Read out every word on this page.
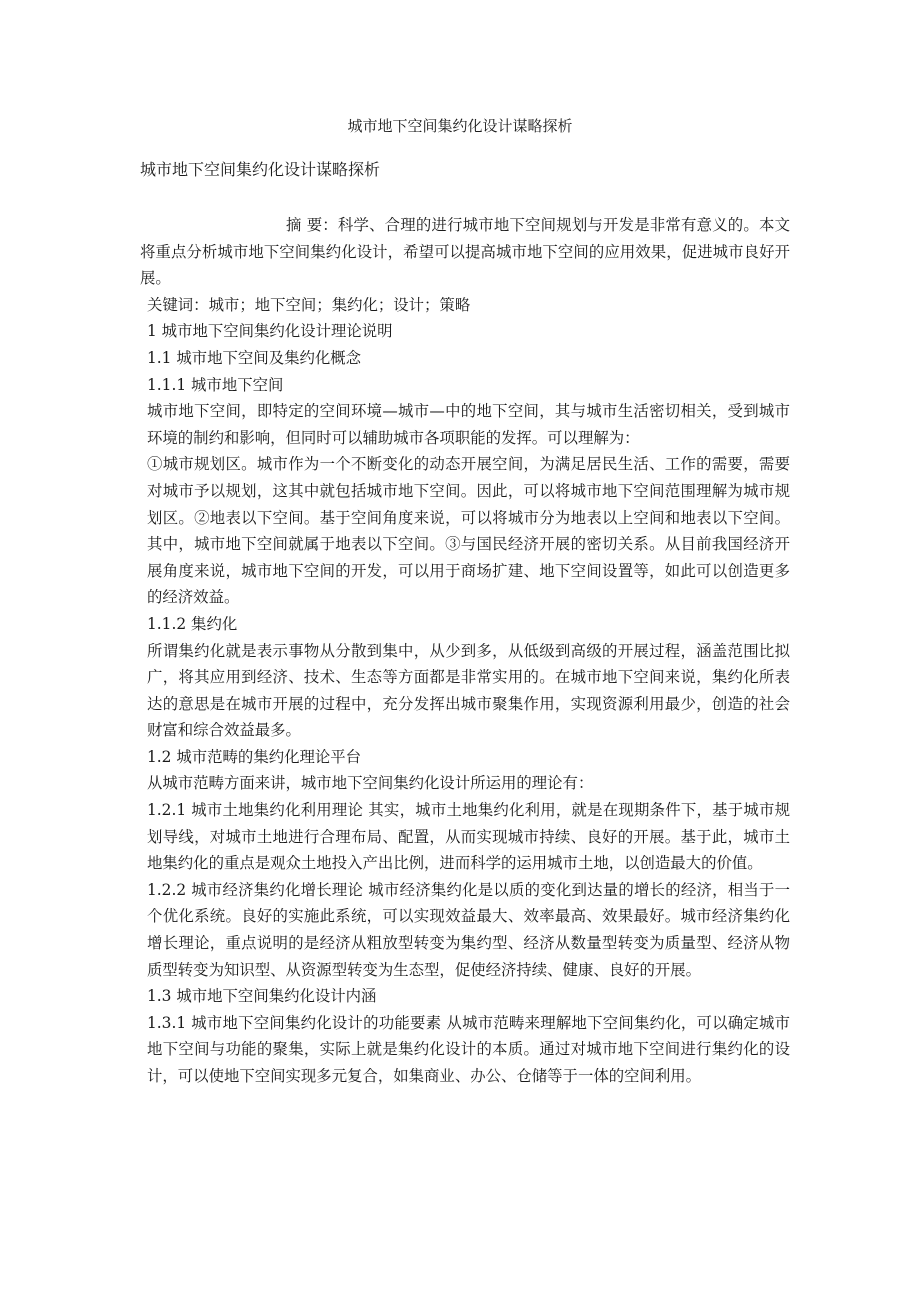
城市地下空间集约化设计谋略探析
城市地下空间集约化设计谋略探析

摘 要：科学、合理的进行城市地下空间规划与开发是非常有意义的。本文将重点分析城市地下空间集约化设计，希望可以提高城市地下空间的应用效果，促进城市良好开展。

关键词：城市；地下空间；集约化；设计；策略

1 城市地下空间集约化设计理论说明

1.1 城市地下空间及集约化概念

1.1.1 城市地下空间

城市地下空间，即特定的空间环境—城市—中的地下空间，其与城市生活密切相关，受到城市环境的制约和影响，但同时可以辅助城市各项职能的发挥。可以理解为：

①城市规划区。城市作为一个不断变化的动态开展空间，为满足居民生活、工作的需要，需要对城市予以规划，这其中就包括城市地下空间。因此，可以将城市地下空间范围理解为城市规划区。②地表以下空间。基于空间角度来说，可以将城市分为地表以上空间和地表以下空间。其中，城市地下空间就属于地表以下空间。③与国民经济开展的密切关系。从目前我国经济开展角度来说，城市地下空间的开发，可以用于商场扩建、地下空间设置等，如此可以创造更多的经济效益。

1.1.2 集约化

所谓集约化就是表示事物从分散到集中，从少到多，从低级到高级的开展过程，涵盖范围比拟广，将其应用到经济、技术、生态等方面都是非常实用的。在城市地下空间来说，集约化所表达的意思是在城市开展的过程中，充分发挥出城市聚集作用，实现资源利用最少，创造的社会财富和综合效益最多。

1.2 城市范畴的集约化理论平台

从城市范畴方面来讲，城市地下空间集约化设计所运用的理论有：

1.2.1 城市土地集约化利用理论 其实，城市土地集约化利用，就是在现期条件下，基于城市规划导线，对城市土地进行合理布局、配置，从而实现城市持续、良好的开展。基于此，城市土地集约化的重点是观众土地投入产出比例，进而科学的运用城市土地，以创造最大的价值。

1.2.2 城市经济集约化增长理论 城市经济集约化是以质的变化到达量的增长的经济，相当于一个优化系统。良好的实施此系统，可以实现效益最大、效率最高、效果最好。城市经济集约化增长理论，重点说明的是经济从粗放型转变为集约型、经济从数量型转变为质量型、经济从物质型转变为知识型、从资源型转变为生态型，促使经济持续、健康、良好的开展。

1.3 城市地下空间集约化设计内涵

1.3.1 城市地下空间集约化设计的功能要素 从城市范畴来理解地下空间集约化，可以确定城市地下空间与功能的聚集，实际上就是集约化设计的本质。通过对城市地下空间进行集约化的设计，可以使地下空间实现多元复合，如集商业、办公、仓储等于一体的空间利用。
